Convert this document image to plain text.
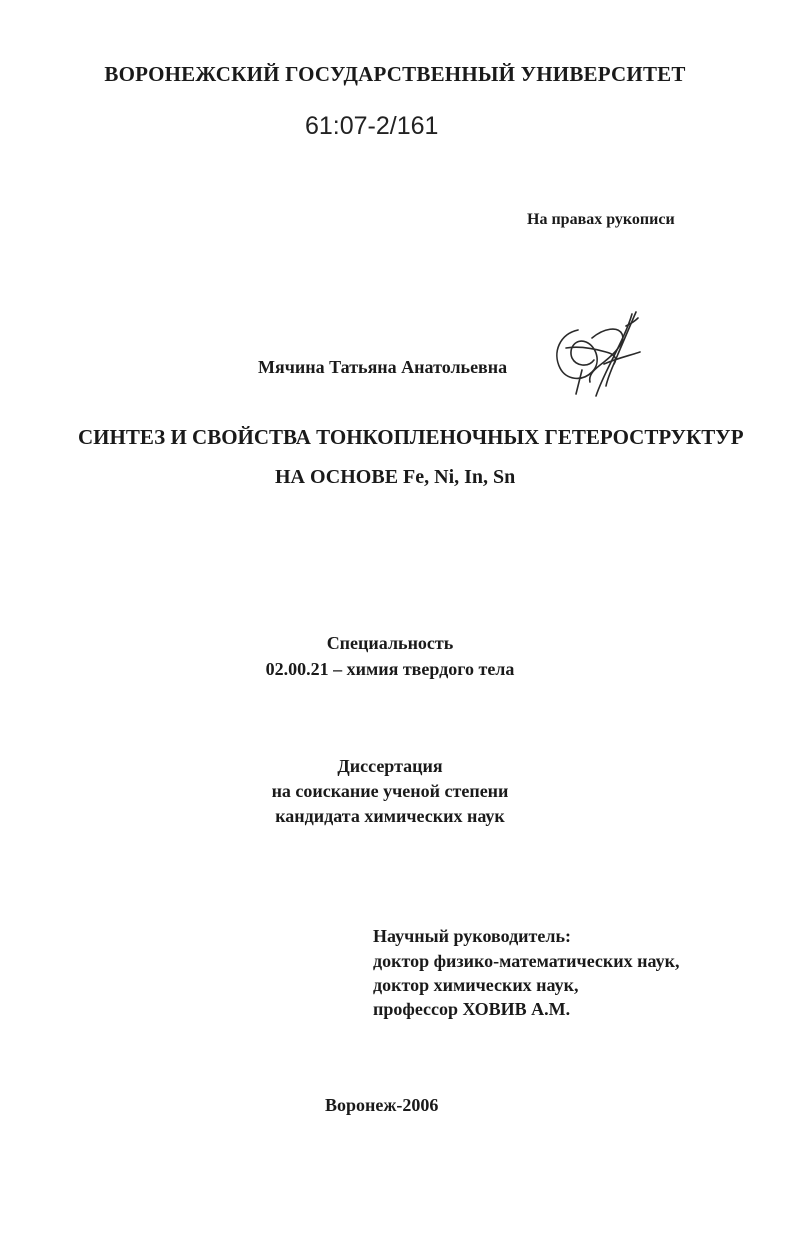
ВОРОНЕЖСКИЙ ГОСУДАРСТВЕННЫЙ УНИВЕРСИТЕТ
61:07-2/161
На правах рукописи
Мячина Татьяна Анатольевна
СИНТЕЗ И СВОЙСТВА ТОНКОПЛЕНОЧНЫХ ГЕТЕРОСТРУКТУР
НА ОСНОВЕ Fe, Ni, In, Sn
Специальность
02.00.21 – химия твердого тела
Диссертация
на соискание ученой степени
кандидата химических наук
Научный руководитель:
доктор физико-математических наук,
доктор химических наук,
профессор ХОВИВ А.М.
Воронеж-2006
